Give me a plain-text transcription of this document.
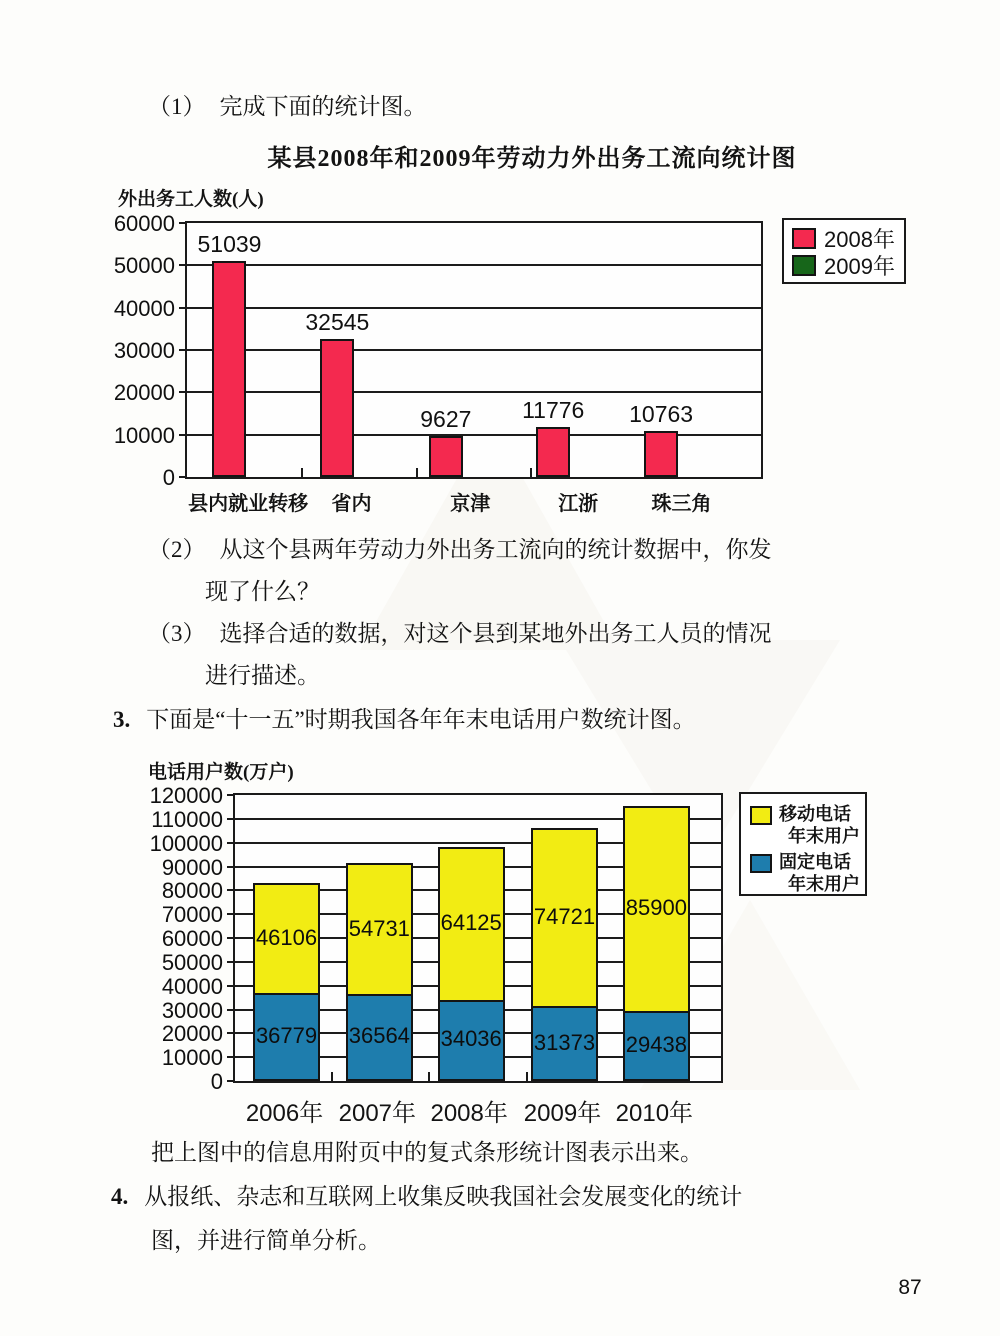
（1） 完成下面的统计图。
某县2008年和2009年劳动力外出务工流向统计图
外出务工人数(人)
51039
32545
9627	11776	10763
2008年
2009年
（2） 从这个县两年劳动力外出务工流向的统计数据中，你发
现了什么？
（3） 选择合适的数据，对这个县到某地外出务工人员的情况
进行描述。
3. 下面是“十一五”时期我国各年年末电话用户数统计图。
电话用户数(万户)
46106
36779
54731
36564
64125
34036
74721
31373
85900
29438
移动电话
年末用户
固定电话
年末用户
把上图中的信息用附页中的复式条形统计图表示出来。
4. 从报纸、杂志和互联网上收集反映我国社会发展变化的统计
图，并进行简单分析。
87
0
10000
20000
30000
40000
50000
60000
县内就业转移	省内	京津	江浙	珠三角
0
10000
20000
30000
40000
50000
60000
70000
80000
90000
100000
110000
120000
2006年 2007年 2008年 2009年 2010年
